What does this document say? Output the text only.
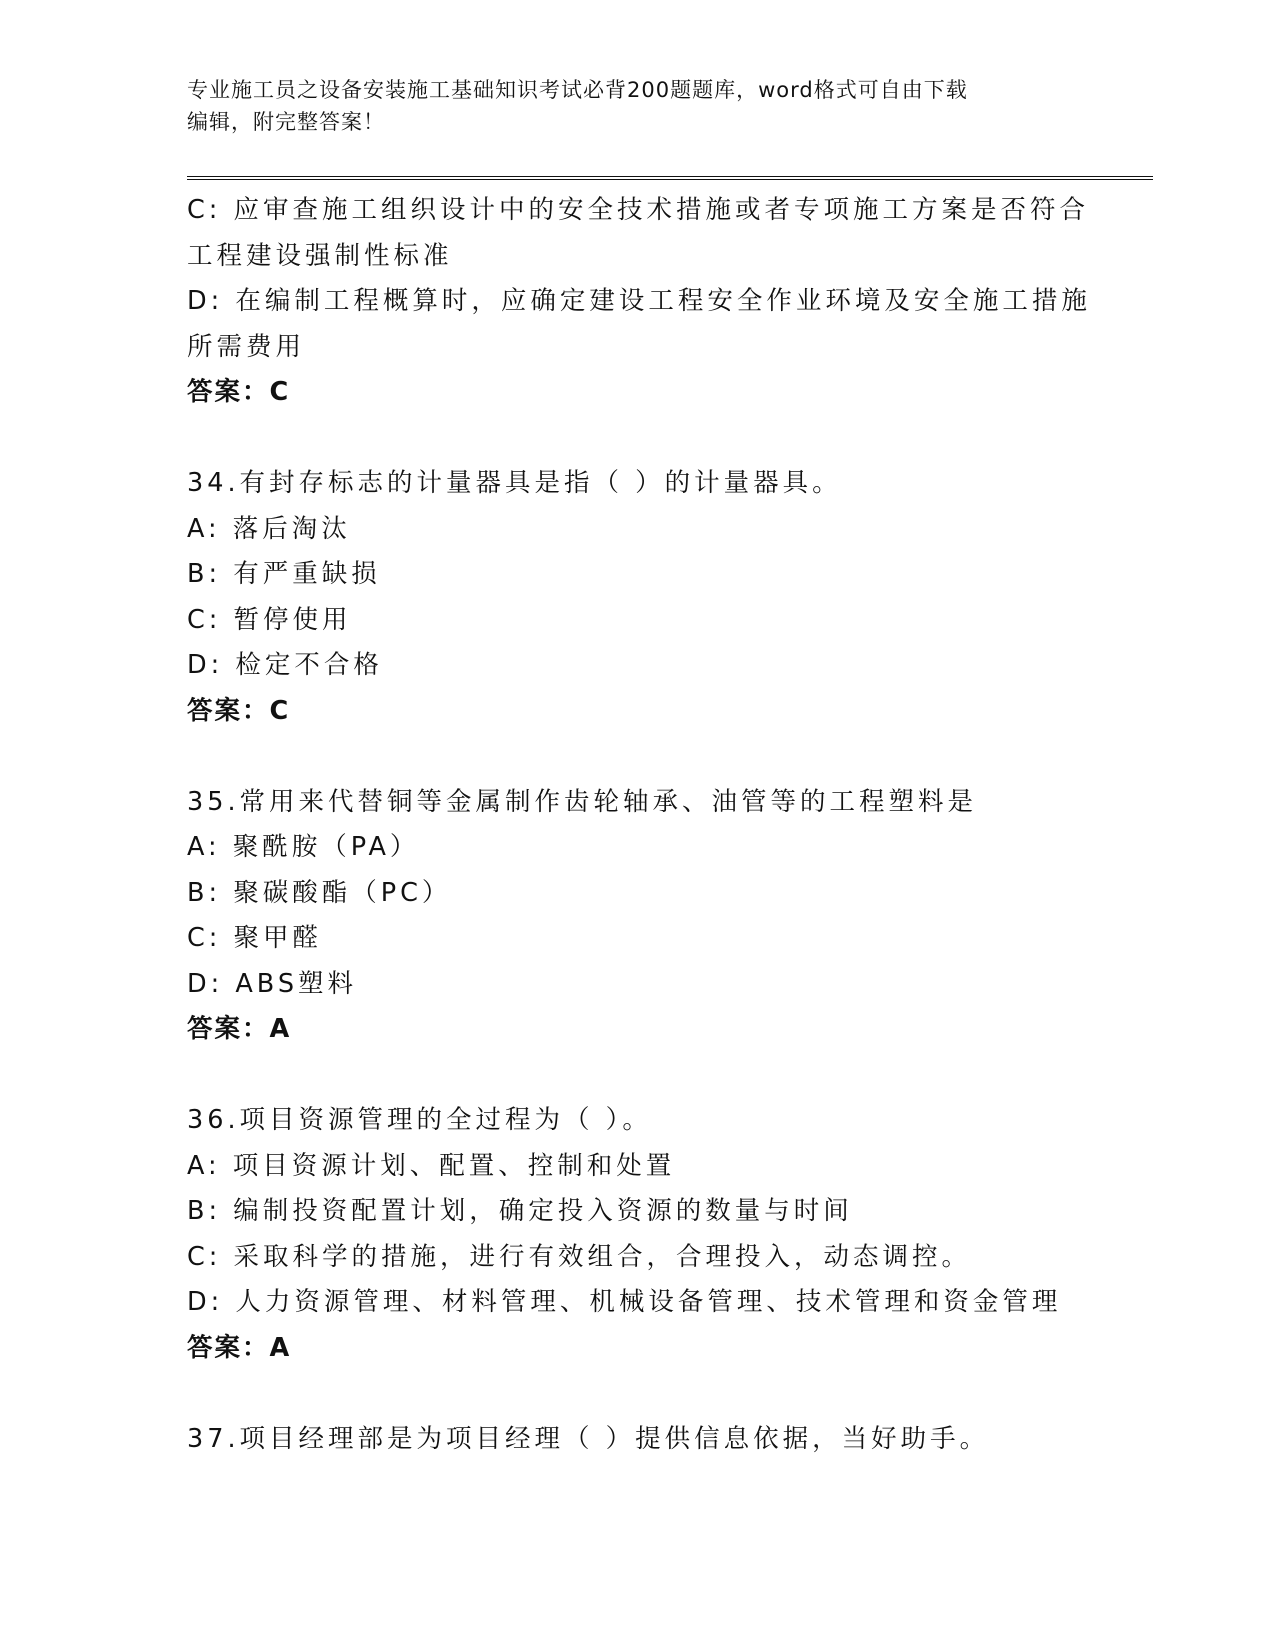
专业施工员之设备安装施工基础知识考试必背200题题库，word格式可自由下载
编辑，附完整答案！
C: 应审查施工组织设计中的安全技术措施或者专项施工方案是否符合
工程建设强制性标准
D: 在编制工程概算时，应确定建设工程安全作业环境及安全施工措施
所需费用
答案：C
34.有封存标志的计量器具是指（ ）的计量器具。
A: 落后淘汰
B: 有严重缺损
C: 暂停使用
D: 检定不合格
答案：C
35.常用来代替铜等金属制作齿轮轴承、油管等的工程塑料是
A: 聚酰胺（PA）
B: 聚碳酸酯（PC）
C: 聚甲醛
D: ABS塑料
答案：A
36.项目资源管理的全过程为（ ）。
A: 项目资源计划、配置、控制和处置
B: 编制投资配置计划，确定投入资源的数量与时间
C: 采取科学的措施，进行有效组合，合理投入，动态调控。
D: 人力资源管理、材料管理、机械设备管理、技术管理和资金管理
答案：A
37.项目经理部是为项目经理（ ）提供信息依据，当好助手。
